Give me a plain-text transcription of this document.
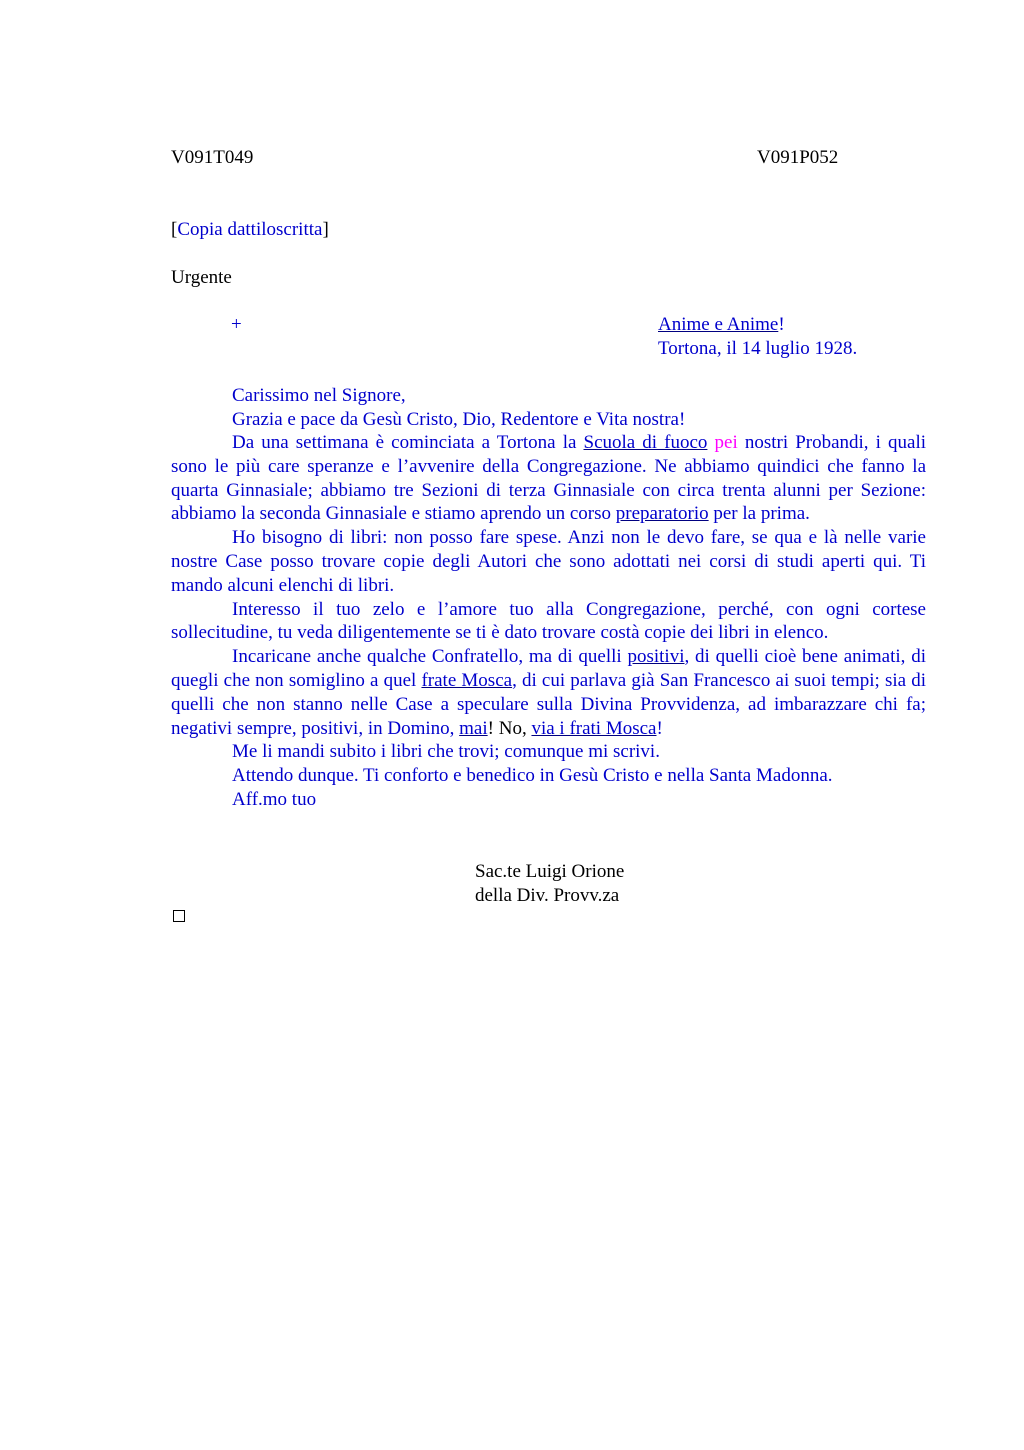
V091T049	V091P052
[Copia dattiloscritta]
Urgente
+	Anime e Anime!
Tortona, il 14 luglio 1928.
Carissimo nel Signore,
Grazia e pace da Gesù Cristo, Dio, Redentore e Vita nostra!

Da una settimana è cominciata a Tortona la Scuola di fuoco pei nostri Probandi, i quali sono le più care speranze e l’avvenire della Congregazione. Ne abbiamo quindici che fanno la quarta Ginnasiale; abbiamo tre Sezioni di terza Ginnasiale con circa trenta alunni per Sezione: abbiamo la seconda Ginnasiale e stiamo aprendo un corso preparatorio per la prima.

Ho bisogno di libri: non posso fare spese. Anzi non le devo fare, se qua e là nelle varie nostre Case posso trovare copie degli Autori che sono adottati nei corsi di studi aperti qui. Ti mando alcuni elenchi di libri.

Interesso il tuo zelo e l’amore tuo alla Congregazione, perché, con ogni cortese sollecitudine, tu veda diligentemente se ti è dato trovare costà copie dei libri in elenco.

Incaricane anche qualche Confratello, ma di quelli positivi, di quelli cioè bene animati, di quegli che non somiglino a quel frate Mosca, di cui parlava già San Francesco ai suoi tempi; sia di quelli che non stanno nelle Case a speculare sulla Divina Provvidenza, ad imbarazzare chi fa; negativi sempre, positivi, in Domino, mai! No, via i frati Mosca!

Me li mandi subito i libri che trovi; comunque mi scrivi.

Attendo dunque. Ti conforto e benedico in Gesù Cristo e nella Santa Madonna.

Aff.mo tuo

Sac.te Luigi Orione
della Div. Provv.za
